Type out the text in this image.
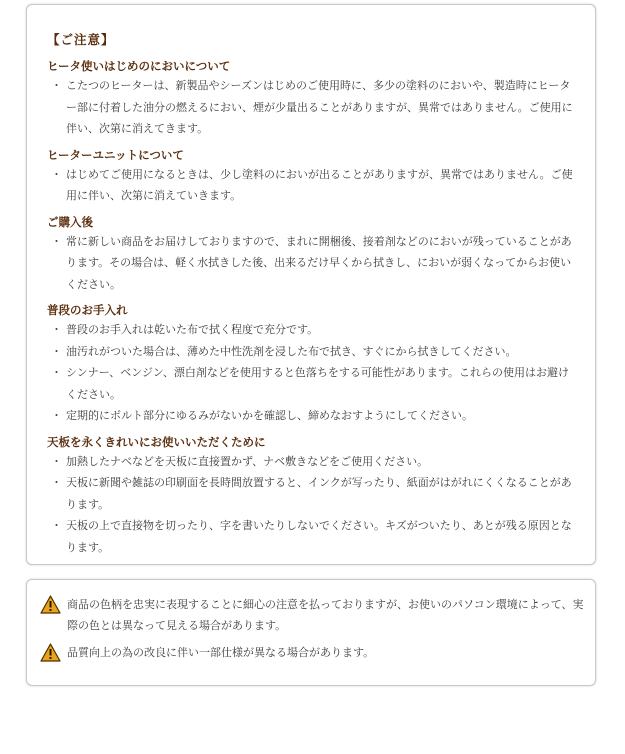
【ご注意】
ヒータ使いはじめのにおいについて
・ こたつのヒーターは、新製品やシーズンはじめのご使用時に、多少の塗料のにおいや、製造時にヒーター部に付着した油分の燃えるにおい、煙が少量出ることがありますが、異常ではありません。ご使用に伴い、次第に消えてきます。
ヒーターユニットについて
・ はじめてご使用になるときは、少し塗料のにおいが出ることがありますが、異常ではありません。ご使用に伴い、次第に消えていきます。
ご購入後
・ 常に新しい商品をお届けしておりますので、まれに開梱後、接着剤などのにおいが残っていることがあります。その場合は、軽く水拭きした後、出来るだけ早くから拭きし、においが弱くなってからお使いください。
普段のお手入れ
・ 普段のお手入れは乾いた布で拭く程度で充分です。
・ 油汚れがついた場合は、薄めた中性洗剤を浸した布で拭き、すぐにから拭きしてください。
・ シンナー、ベンジン、漂白剤などを使用すると色落ちをする可能性があります。これらの使用はお避けください。
・ 定期的にボルト部分にゆるみがないかを確認し、締めなおすようにしてください。
天板を永くきれいにお使いいただくために
・ 加熱したナベなどを天板に直接置かず、ナベ敷きなどをご使用ください。
・ 天板に新聞や雑誌の印刷面を長時間放置すると、インクが写ったり、紙面がはがれにくくなることがあります。
・ 天板の上で直接物を切ったり、字を書いたりしないでください。キズがついたり、あとが残る原因となります。
商品の色柄を忠実に表現することに細心の注意を払っておりますが、お使いのパソコン環境によって、実際の色とは異なって見える場合があります。
品質向上の為の改良に伴い一部仕様が異なる場合があります。
